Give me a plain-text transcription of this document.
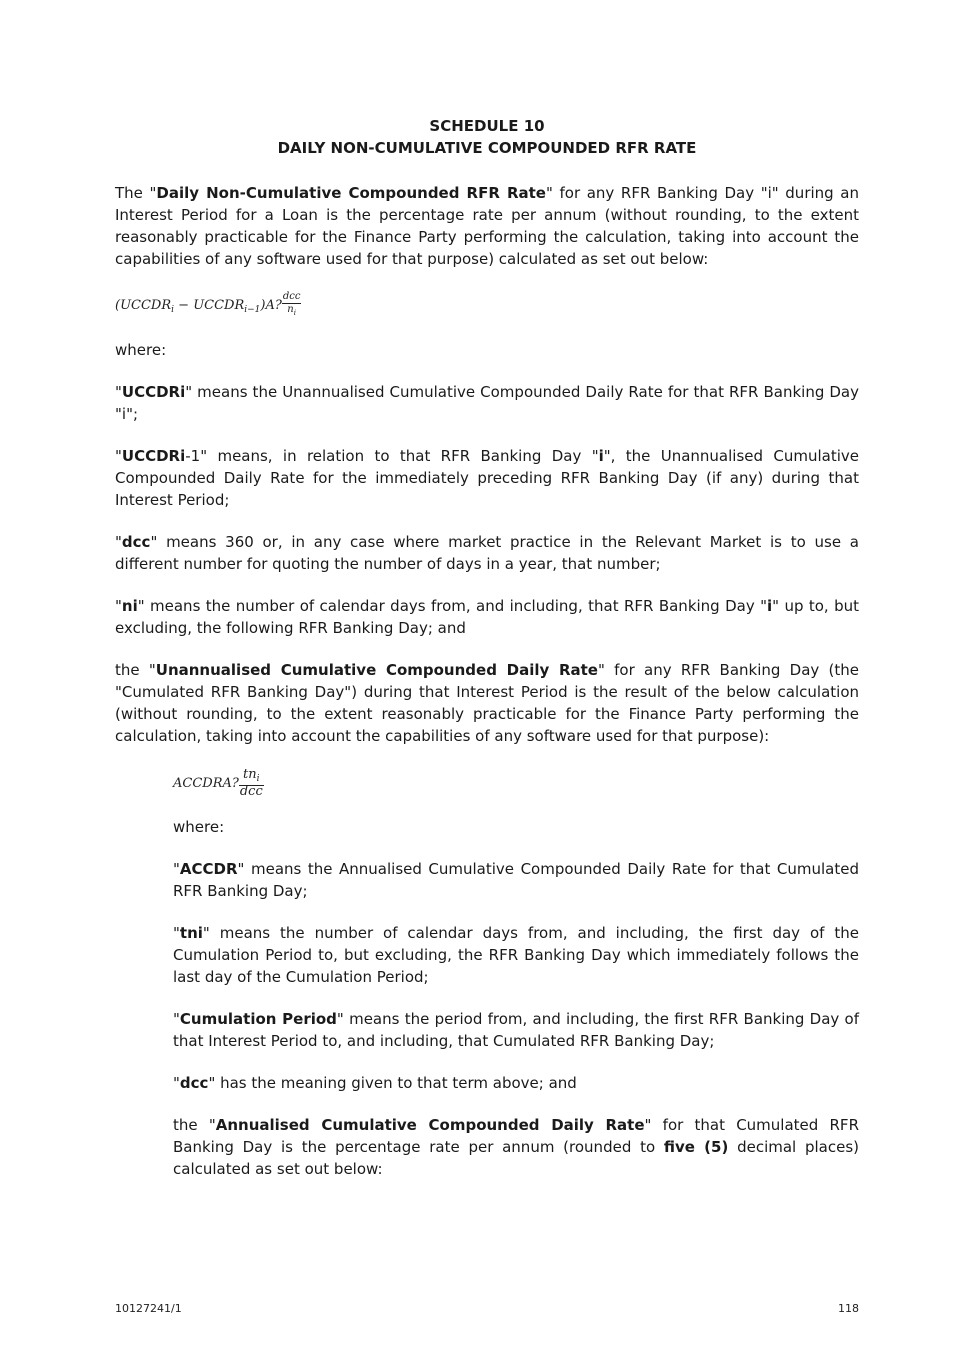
SCHEDULE 10
DAILY NON-CUMULATIVE COMPOUNDED RFR RATE

The "Daily Non-Cumulative Compounded RFR Rate" for any RFR Banking Day "i" during an Interest Period for a Loan is the percentage rate per annum (without rounding, to the extent reasonably practicable for the Finance Party performing the calculation, taking into account the capabilities of any software used for that purpose) calculated as set out below:

($UCCDR_i$ − $UCCDR_{i-1})A$? $\frac{\text{dcc}}{n_i}$

where:

"UCCDRi" means the Unannualised Cumulative Compounded Daily Rate for that RFR Banking Day "i";

"UCCDRi-1" means, in relation to that RFR Banking Day "i", the Unannualised Cumulative Compounded Daily Rate for the immediately preceding RFR Banking Day (if any) during that Interest Period;

"dcc" means 360 or, in any case where market practice in the Relevant Market is to use a different number for quoting the number of days in a year, that number;

"ni" means the number of calendar days from, and including, that RFR Banking Day "i" up to, but excluding, the following RFR Banking Day; and

the "Unannualised Cumulative Compounded Daily Rate" for any RFR Banking Day (the "Cumulated RFR Banking Day") during that Interest Period is the result of the below calculation (without rounding, to the extent reasonably practicable for the Finance Party performing the calculation, taking into account the capabilities of any software used for that purpose):

ACCDRA? $\frac{tn_i}{\text{dcc}}$

where:

"ACCDR" means the Annualised Cumulative Compounded Daily Rate for that Cumulated RFR Banking Day;

"tni" means the number of calendar days from, and including, the first day of the Cumulation Period to, but excluding, the RFR Banking Day which immediately follows the last day of the Cumulation Period;

"Cumulation Period" means the period from, and including, the first RFR Banking Day of that Interest Period to, and including, that Cumulated RFR Banking Day;

"dcc" has the meaning given to that term above; and

the "Annualised Cumulative Compounded Daily Rate" for that Cumulated RFR Banking Day is the percentage rate per annum (rounded to five (5) decimal places) calculated as set out below:

10127241/1	118
